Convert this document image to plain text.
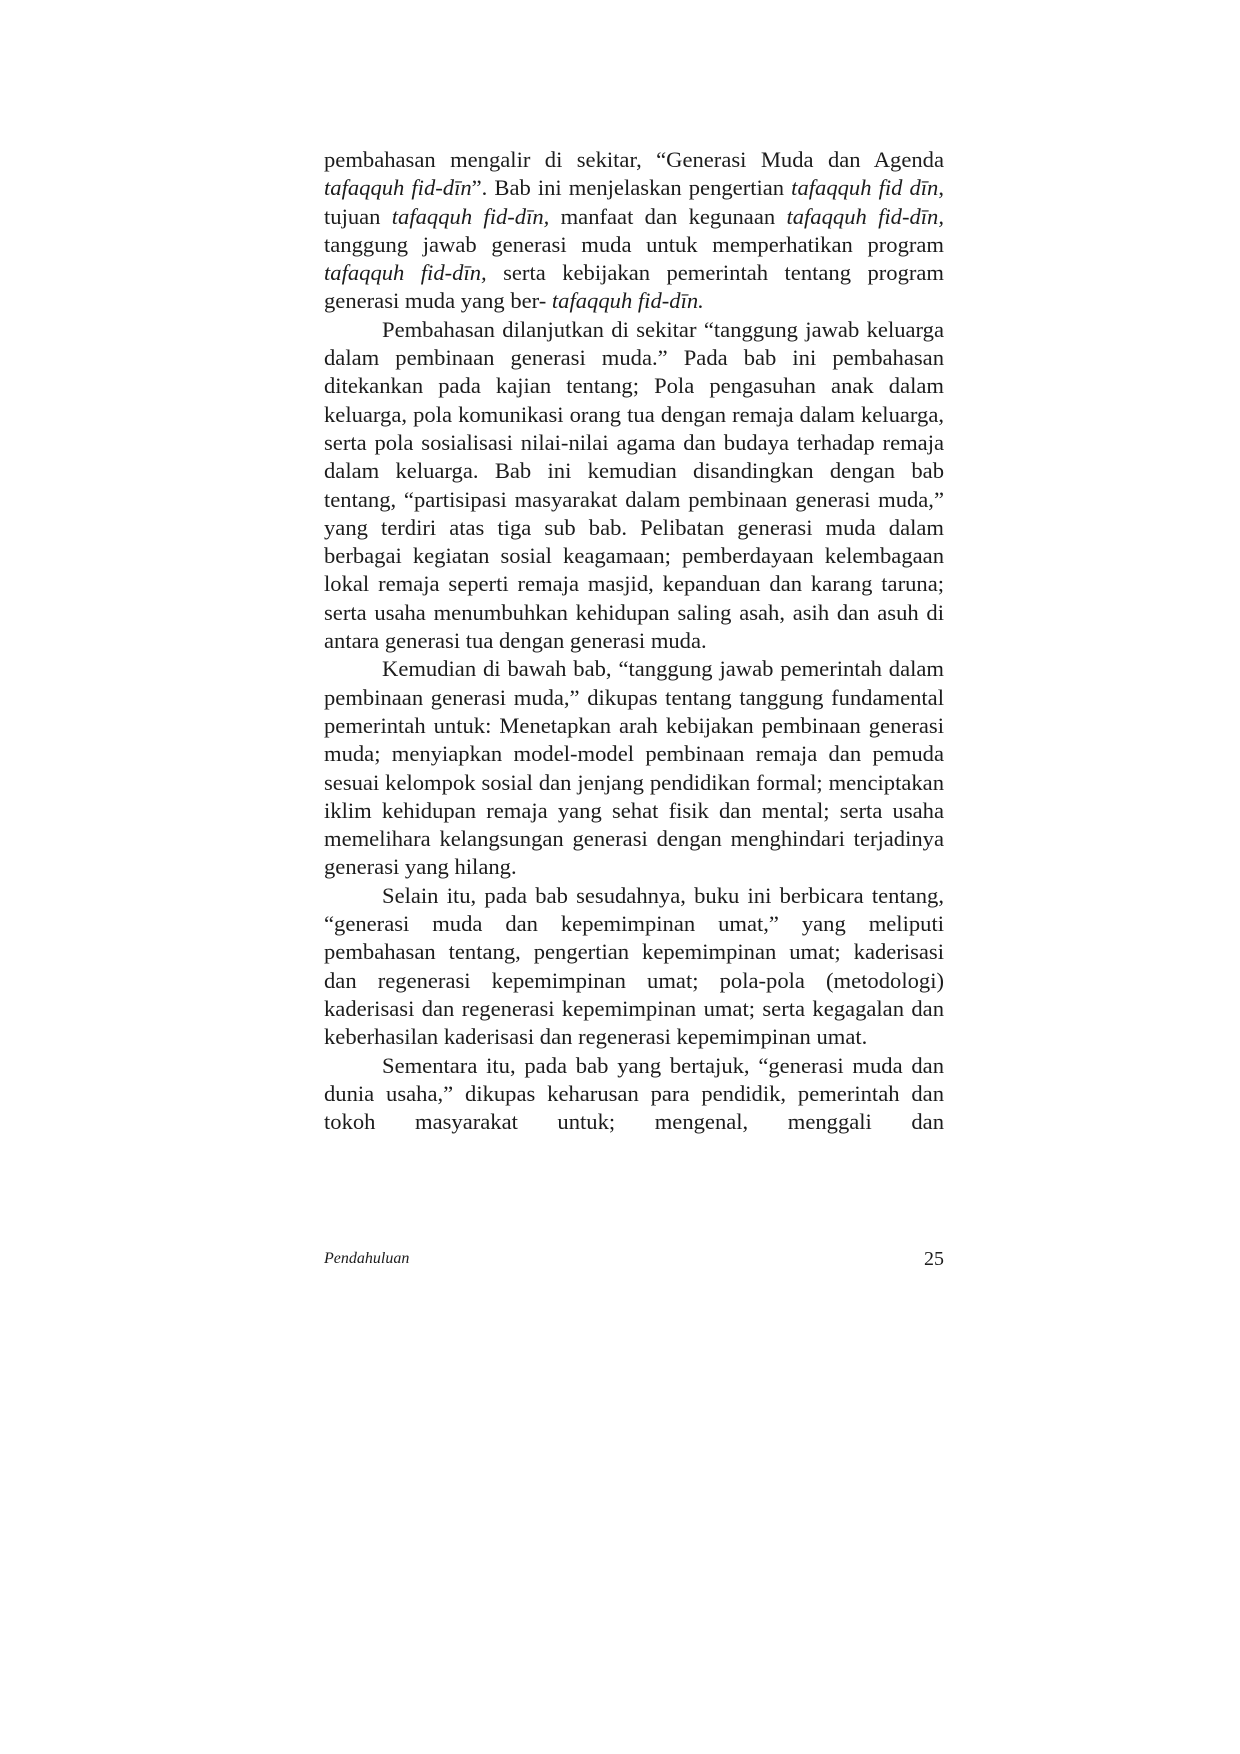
pembahasan mengalir di sekitar, “Generasi Muda dan Agenda tafaqquh fid-dīn”. Bab ini menjelaskan pengertian tafaqquh fid dīn, tujuan tafaqquh fid-dīn, manfaat dan kegunaan tafaqquh fid-dīn, tanggung jawab generasi muda untuk memperhatikan program tafaqquh fid-dīn, serta kebijakan pemerintah tentang program generasi muda yang ber- tafaqquh fid-dīn.

Pembahasan dilanjutkan di sekitar “tanggung jawab keluarga dalam pembinaan generasi muda.” Pada bab ini pembahasan ditekankan pada kajian tentang; Pola pengasuhan anak dalam keluarga, pola komunikasi orang tua dengan remaja dalam keluarga, serta pola sosialisasi nilai-nilai agama dan budaya terhadap remaja dalam keluarga. Bab ini kemudian disandingkan dengan bab tentang, “partisipasi masyarakat dalam pembinaan generasi muda,” yang terdiri atas tiga sub bab. Pelibatan generasi muda dalam berbagai kegiatan sosial keagamaan; pemberdayaan kelembagaan lokal remaja seperti remaja masjid, kepanduan dan karang taruna; serta usaha menumbuhkan kehidupan saling asah, asih dan asuh di antara generasi tua dengan generasi muda.

Kemudian di bawah bab, “tanggung jawab pemerintah dalam pembinaan generasi muda,” dikupas tentang tanggung fundamental pemerintah untuk: Menetapkan arah kebijakan pembinaan generasi muda; menyiapkan model-model pembinaan remaja dan pemuda sesuai kelompok sosial dan jenjang pendidikan formal; menciptakan iklim kehidupan remaja yang sehat fisik dan mental; serta usaha memelihara kelangsungan generasi dengan menghindari terjadinya generasi yang hilang.

Selain itu, pada bab sesudahnya, buku ini berbicara tentang, “generasi muda dan kepemimpinan umat,” yang meliputi pembahasan tentang, pengertian kepemimpinan umat; kaderisasi dan regenerasi kepemimpinan umat; pola-pola (metodologi) kaderisasi dan regenerasi kepemimpinan umat; serta kegagalan dan keberhasilan kaderisasi dan regenerasi kepemimpinan umat.

Sementara itu, pada bab yang bertajuk, “generasi muda dan dunia usaha,” dikupas keharusan para pendidik, pemerintah dan tokoh masyarakat untuk; mengenal, menggali dan

Pendahuluan	25
